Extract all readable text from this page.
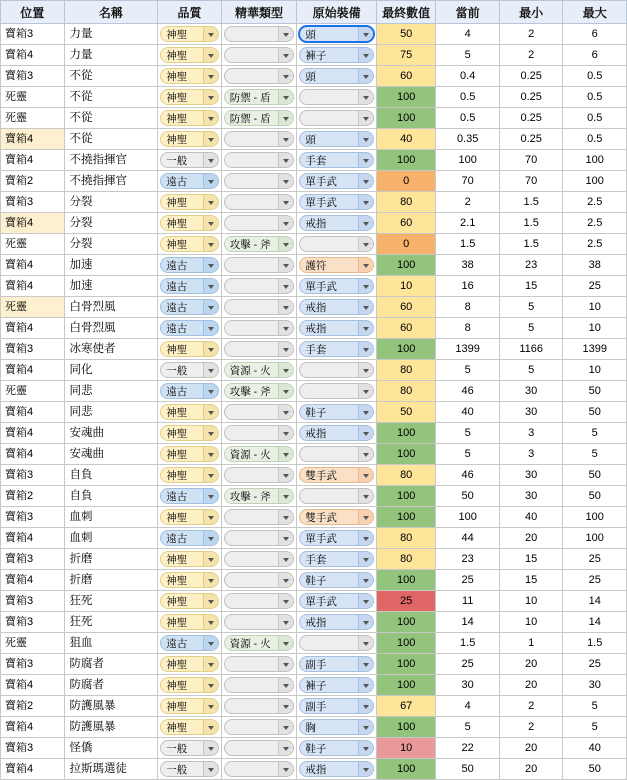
位置	名稱	品質	精華類型	原始裝備	最終數值	當前	最小	最大

寶箱3	力量	神聖		頭	50	4	2	6

寶箱4	力量	神聖		褲子	75	5	2	6

寶箱3	不從	神聖		頭	60	0.4	0.25	0.5

死靈	不從	神聖	防禦 - 盾		100	0.5	0.25	0.5

死靈	不從	神聖	防禦 - 盾		100	0.5	0.25	0.5

寶箱4	不從	神聖		頭	40	0.35	0.25	0.5

寶箱4	不撓指揮官	一般		手套	100	100	70	100

寶箱2	不撓指揮官	遠古		單手武	0	70	70	100

寶箱3	分裂	神聖		單手武	80	2	1.5	2.5

寶箱4	分裂	神聖		戒指	60	2.1	1.5	2.5

死靈	分裂	神聖	攻擊 - 斧		0	1.5	1.5	2.5

寶箱4	加速	遠古		護符	100	38	23	38

寶箱4	加速	遠古		單手武	10	16	15	25

死靈	白骨烈風	遠古		戒指	60	8	5	10

寶箱4	白骨烈風	遠古		戒指	60	8	5	10

寶箱3	冰寒使者	神聖		手套	100	1399	1166	1399

寶箱4	同化	一般	資源 - 火		80	5	5	10

死靈	同悲	遠古	攻擊 - 斧		80	46	30	50

寶箱4	同悲	神聖		鞋子	50	40	30	50

寶箱4	安魂曲	神聖		戒指	100	5	3	5

寶箱4	安魂曲	神聖	資源 - 火		100	5	3	5

寶箱3	自負	神聖		雙手武	80	46	30	50

寶箱2	自負	遠古	攻擊 - 斧		100	50	30	50

寶箱3	血刺	神聖		雙手武	100	100	40	100

寶箱4	血刺	遠古		單手武	80	44	20	100

寶箱3	折磨	神聖		手套	80	23	15	25

寶箱4	折磨	神聖		鞋子	100	25	15	25

寶箱3	狂死	神聖		單手武	25	11	10	14

寶箱3	狂死	神聖		戒指	100	14	10	14

死靈	狙血	遠古	資源 - 火		100	1.5	1	1.5

寶箱3	防腐者	神聖		副手	100	25	20	25

寶箱4	防腐者	神聖		褲子	100	30	20	30

寶箱2	防護風暴	神聖		副手	67	4	2	5

寶箱4	防護風暴	神聖		胸	100	5	2	5

寶箱3	怪僑	一般		鞋子	10	22	20	40

寶箱4	拉斯瑪選徒	一般		戒指	100	50	20	50
